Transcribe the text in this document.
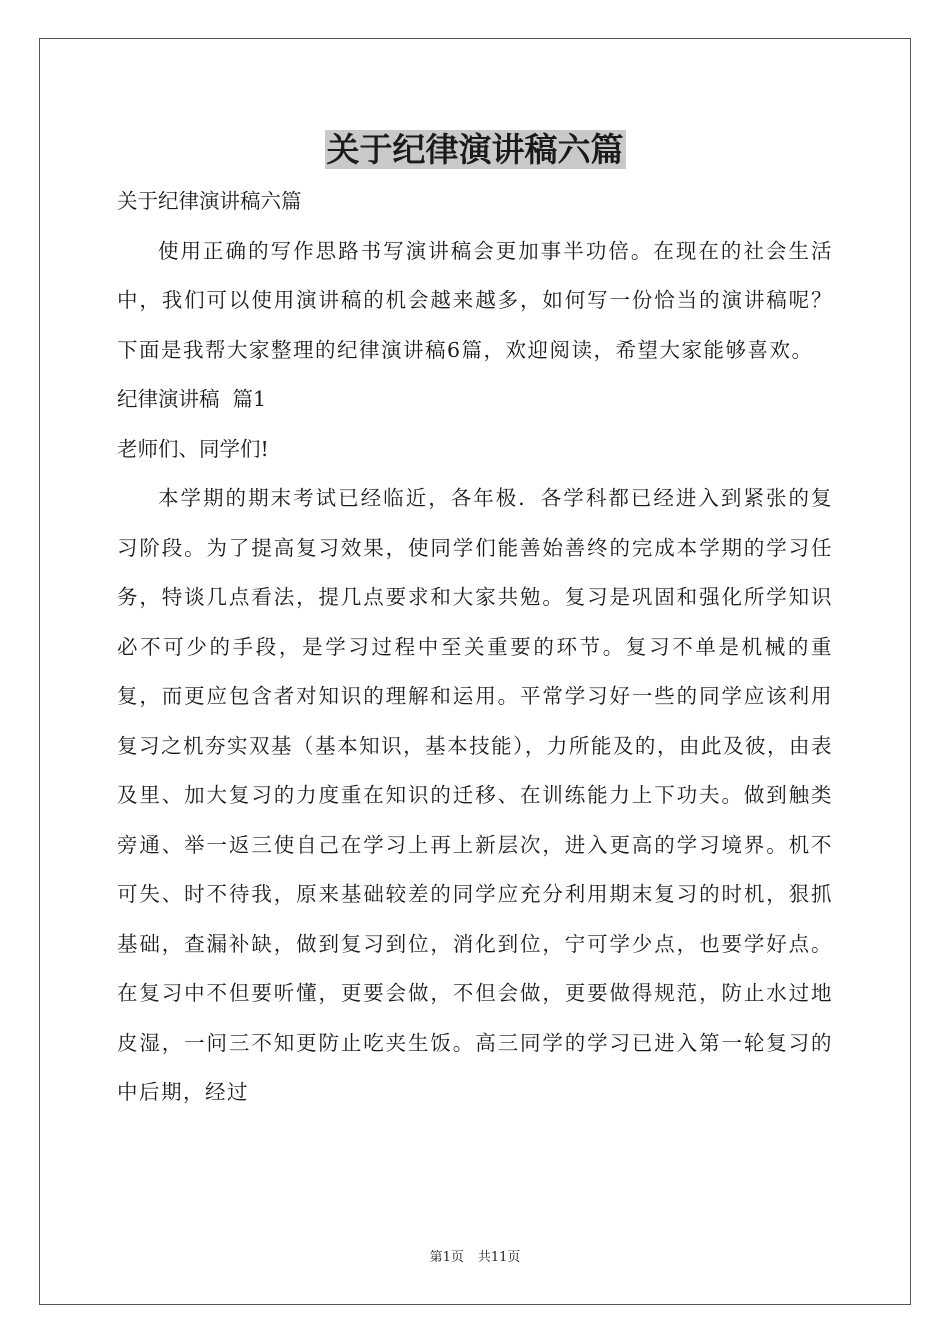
关于纪律演讲稿六篇

关于纪律演讲稿六篇

使用正确的写作思路书写演讲稿会更加事半功倍。在现在的社会生活中，我们可以使用演讲稿的机会越来越多，如何写一份恰当的演讲稿呢？下面是我帮大家整理的纪律演讲稿6篇，欢迎阅读，希望大家能够喜欢。

纪律演讲稿  篇1

老师们、同学们!

本学期的期末考试已经临近，各年极．各学科都已经进入到紧张的复习阶段。为了提高复习效果，使同学们能善始善终的完成本学期的学习任务，特谈几点看法，提几点要求和大家共勉。复习是巩固和强化所学知识必不可少的手段，是学习过程中至关重要的环节。复习不单是机械的重复，而更应包含者对知识的理解和运用。平常学习好一些的同学应该利用复习之机夯实双基（基本知识，基本技能），力所能及的，由此及彼，由表及里、加大复习的力度重在知识的迁移、在训练能力上下功夫。做到触类旁通、举一返三使自己在学习上再上新层次，进入更高的学习境界。机不可失、时不待我，原来基础较差的同学应充分利用期末复习的时机，狠抓基础，查漏补缺，做到复习到位，消化到位，宁可学少点，也要学好点。在复习中不但要听懂，更要会做，不但会做，更要做得规范，防止水过地皮湿，一问三不知更防止吃夹生饭。高三同学的学习已进入第一轮复习的中后期，经过

第1页 共11页
